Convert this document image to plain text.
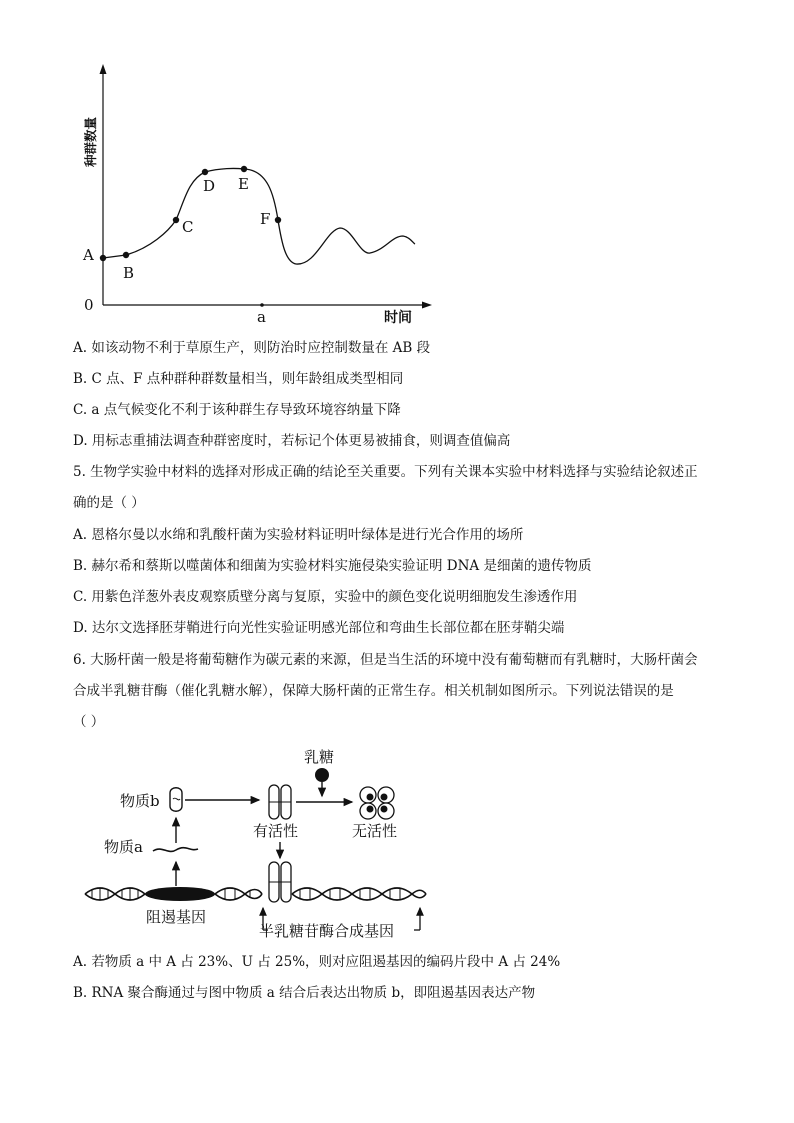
种群数量
0
时间
a
A
B
C
D E
F
A. 如该动物不利于草原生产，则防治时应控制数量在 AB 段
B. C 点、F 点种群种群数量相当，则年龄组成类型相同
C. a 点气候变化不利于该种群生存导致环境容纳量下降
D. 用标志重捕法调查种群密度时，若标记个体更易被捕食，则调查值偏高
5. 生物学实验中材料的选择对形成正确的结论至关重要。下列有关课本实验中材料选择与实验结论叙述正
确的是（ ）
A. 恩格尔曼以水绵和乳酸杆菌为实验材料证明叶绿体是进行光合作用的场所
B. 赫尔希和蔡斯以噬菌体和细菌为实验材料实施侵染实验证明 DNA 是细菌的遗传物质
C. 用紫色洋葱外表皮观察质壁分离与复原，实验中的颜色变化说明细胞发生渗透作用
D. 达尔文选择胚芽鞘进行向光性实验证明感光部位和弯曲生长部位都在胚芽鞘尖端
6. 大肠杆菌一般是将葡萄糖作为碳元素的来源，但是当生活的环境中没有葡萄糖而有乳糖时，大肠杆菌会
合成半乳糖苷酶（催化乳糖水解），保障大肠杆菌的正常生存。相关机制如图所示。下列说法错误的是
（ ）
乳糖
物质b
有活性	无活性
物质a
阻遏基因
半乳糖苷酶合成基因
A. 若物质 a 中 A 占 23%、U 占 25%，则对应阻遏基因的编码片段中 A 占 24%
B. RNA 聚合酶通过与图中物质 a 结合后表达出物质 b，即阻遏基因表达产物
